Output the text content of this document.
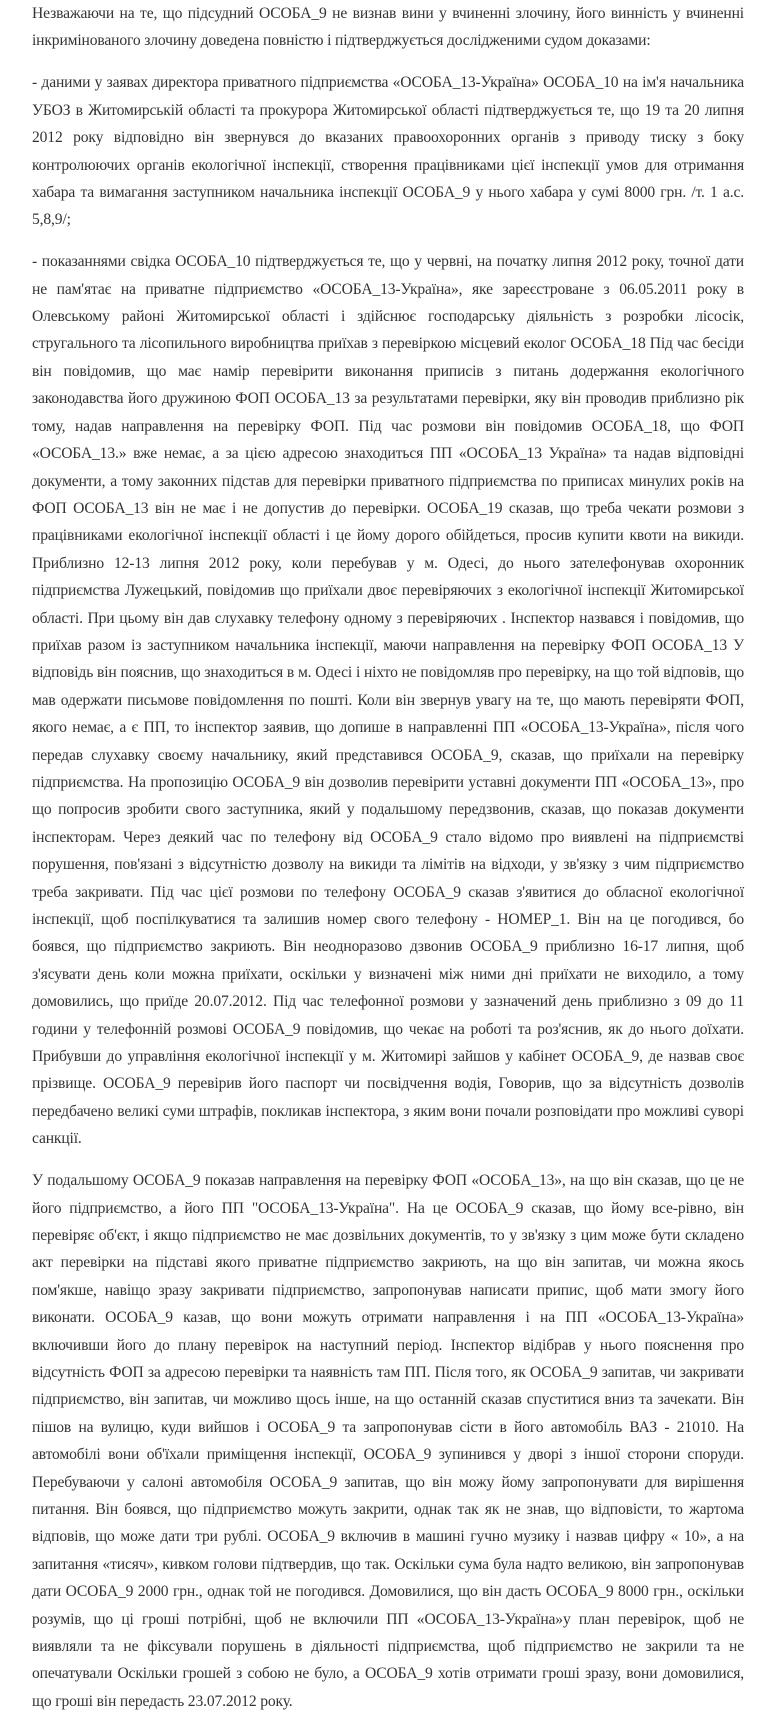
Незважаючи на те, що підсудний ОСОБА_9 не визнав вини у вчиненні злочину, його винність у вчиненні інкримінованого злочину доведена повністю і підтверджується дослідженими судом доказами:

- даними у заявах директора приватного підприємства «ОСОБА_13-Україна» ОСОБА_10 на ім'я начальника УБОЗ в Житомирській області та прокурора Житомирської області підтверджується те, що 19 та 20 липня 2012 року відповідно він звернувся до вказаних правоохоронних органів з приводу тиску з боку контролюючих органів екологічної інспекції, створення працівниками цієї інспекції умов для отримання хабара та вимагання заступником начальника інспекції ОСОБА_9 у нього хабара у сумі 8000 грн. /т. 1 а.с. 5,8,9/;

- показаннями свідка ОСОБА_10 підтверджується те, що у червні, на початку липня 2012 року, точної дати не пам'ятає на приватне підприємство «ОСОБА_13-Україна», яке зареєстроване з 06.05.2011 року в Олевському районі Житомирської області і здійснює господарську діяльність з розробки лісосік, стругального та лісопильного виробництва приїхав з перевіркою місцевий еколог ОСОБА_18 Під час бесіди він повідомив, що має намір перевірити виконання приписів з питань додержання екологічного законодавства його дружиною ФОП ОСОБА_13 за результатами перевірки, яку він проводив приблизно рік тому, надав направлення на перевірку ФОП. Під час розмови він повідомив ОСОБА_18, що ФОП «ОСОБА_13.» вже немає, а за цією адресою знаходиться ПП «ОСОБА_13 Україна» та надав відповідні документи, а тому законних підстав для перевірки приватного підприємства по приписах минулих років на ФОП ОСОБА_13 він не має і не допустив до перевірки. ОСОБА_19 сказав, що треба чекати розмови з працівниками екологічної інспекції області і це йому дорого обійдеться, просив купити квоти на викиди. Приблизно 12-13 липня 2012 року, коли перебував у м. Одесі, до нього зателефонував охоронник підприємства Лужецький, повідомив що приїхали двоє перевіряючих з екологічної інспекції Житомирської області. При цьому він дав слухавку телефону одному з перевіряючих . Інспектор назвався і повідомив, що приїхав разом із заступником начальника інспекції, маючи направлення на перевірку ФОП ОСОБА_13 У відповідь він пояснив, що знаходиться в м. Одесі і ніхто не повідомляв про перевірку, на що той відповів, що мав одержати письмове повідомлення по пошті. Коли він звернув увагу на те, що мають перевіряти ФОП, якого немає, а є ПП, то інспектор заявив, що допише в направленні ПП «ОСОБА_13-Україна», після чого передав слухавку своєму начальнику, який представився ОСОБА_9, сказав, що приїхали на перевірку підприємства. На пропозицію ОСОБА_9 він дозволив перевірити уставні документи ПП «ОСОБА_13», про що попросив зробити свого заступника, який у подальшому передзвонив, сказав, що показав документи інспекторам. Через деякий час по телефону від ОСОБА_9 стало відомо про виявлені на підприємстві порушення, пов'язані з відсутністю дозволу на викиди та лімітів на відходи, у зв'язку з чим підприємство треба закривати. Під час цієї розмови по телефону ОСОБА_9 сказав з'явитися до обласної екологічної інспекції, щоб поспілкуватися та залишив номер свого телефону - НОМЕР_1. Він на це погодився, бо боявся, що підприємство закриють. Він неодноразово дзвонив ОСОБА_9 приблизно 16-17 липня, щоб з'ясувати день коли можна приїхати, оскільки у визначені між ними дні приїхати не виходило, а тому домовились, що приїде 20.07.2012. Під час телефонної розмови у зазначений день приблизно з 09 до 11 години у телефонній розмові ОСОБА_9 повідомив, що чекає на роботі та роз'яснив, як до нього доїхати. Прибувши до управління екологічної інспекції у м. Житомирі зайшов у кабінет ОСОБА_9, де назвав своє прізвище. ОСОБА_9 перевірив його паспорт чи посвідчення водія, Говорив, що за відсутність дозволів передбачено великі суми штрафів, покликав інспектора, з яким вони почали розповідати про можливі суворі санкції.

У подальшому ОСОБА_9 показав направлення на перевірку ФОП «ОСОБА_13», на що він сказав, що це не його підприємство, а його ПП "ОСОБА_13-Україна". На це ОСОБА_9 сказав, що йому все-рівно, він перевіряє об'єкт, і якщо підприємство не має дозвільних документів, то у зв'язку з цим може бути складено акт перевірки на підставі якого приватне підприємство закриють, на що він запитав, чи можна якось пом'якше, навіщо зразу закривати підприємство, запропонував написати припис, щоб мати змогу його виконати. ОСОБА_9 казав, що вони можуть отримати направлення і на ПП «ОСОБА_13-Україна» включивши його до плану перевірок на наступний період. Інспектор відібрав у нього пояснення про відсутність ФОП за адресою перевірки та наявність там ПП. Після того, як ОСОБА_9 запитав, чи закривати підприємство, він запитав, чи можливо щось інше, на що останній сказав спуститися вниз та зачекати. Він пішов на вулицю, куди вийшов і ОСОБА_9 та запропонував сісти в його автомобіль ВАЗ - 21010. На автомобілі вони об'їхали приміщення інспекції, ОСОБА_9 зупинився у дворі з іншої сторони споруди. Перебуваючи у салоні автомобіля ОСОБА_9 запитав, що він можу йому запропонувати для вирішення питання. Він боявся, що підприємство можуть закрити, однак так як не знав, що відповісти, то жартома відповів, що може дати три рублі. ОСОБА_9 включив в машині гучно музику і назвав цифру « 10», а на запитання «тисяч», кивком голови підтвердив, що так. Оскільки сума була надто великою, він запропонував дати ОСОБА_9 2000 грн., однак той не погодився. Домовилися, що він дасть ОСОБА_9 8000 грн., оскільки розумів, що ці гроші потрібні, щоб не включили ПП «ОСОБА_13-Україна»у план перевірок, щоб не виявляли та не фіксували порушень в діяльності підприємства, щоб підприємство не закрили та не опечатували Оскільки грошей з собою не було, а ОСОБА_9 хотів отримати гроші зразу, вони домовилися, що гроші він передасть 23.07.2012 року.
